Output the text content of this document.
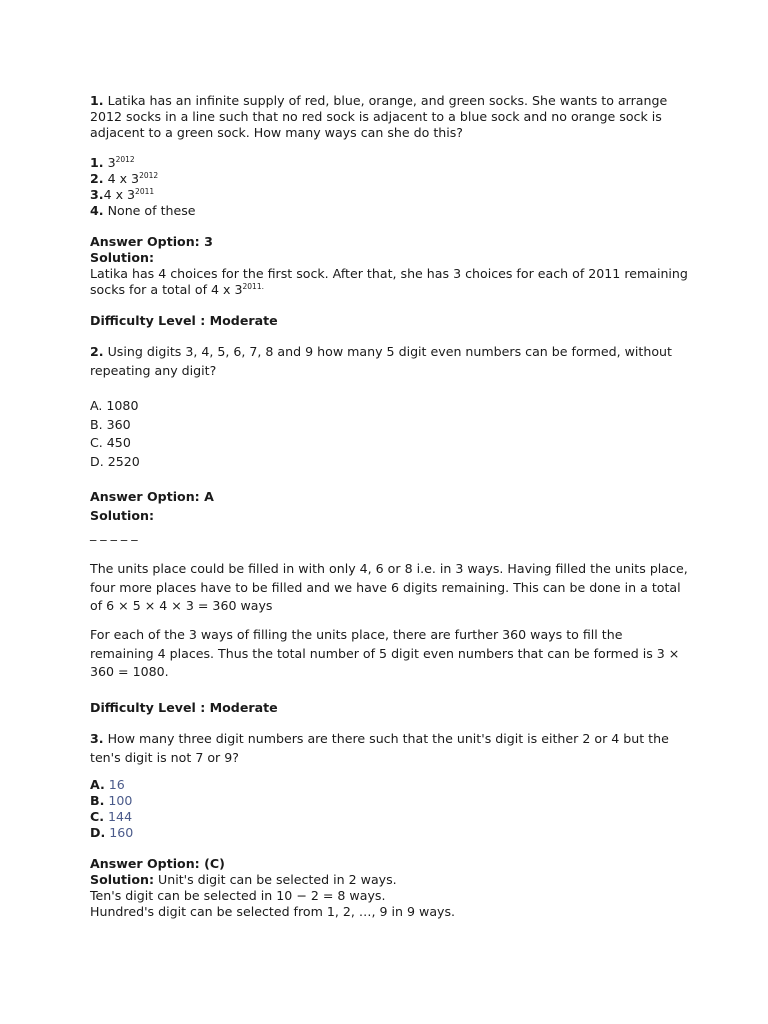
1. Latika has an infinite supply of red, blue, orange, and green socks. She wants to arrange 2012 socks in a line such that no red sock is adjacent to a blue sock and no orange sock is adjacent to a green sock. How many ways can she do this?
1. $3^{2012}$
2. 4 x $3^{2012}$
3.4 x $3^{2011}$
4. None of these
Answer Option: 3
Solution:
Latika has 4 choices for the first sock. After that, she has 3 choices for each of 2011 remaining socks for a total of 4 x $3^{2011.}$
Difficulty Level : Moderate
2. Using digits 3, 4, 5, 6, 7, 8 and 9 how many 5 digit even numbers can be formed, without repeating any digit?
A. 1080
B. 360
C. 450
D. 2520
Answer Option: A
Solution:
_ _ _ _ _
The units place could be filled in with only 4, 6 or 8 i.e. in 3 ways. Having filled the units place, four more places have to be filled and we have 6 digits remaining. This can be done in a total of 6 × 5 × 4 × 3 = 360 ways
For each of the 3 ways of filling the units place, there are further 360 ways to fill the remaining 4 places. Thus the total number of 5 digit even numbers that can be formed is 3 × 360 = 1080.
Difficulty Level : Moderate
3. How many three digit numbers are there such that the unit's digit is either 2 or 4 but the ten's digit is not 7 or 9?
A. 16
B. 100
C. 144
D. 160
Answer Option: (C)
Solution: Unit's digit can be selected in 2 ways.
Ten's digit can be selected in 10 − 2 = 8 ways.
Hundred's digit can be selected from 1, 2, …, 9 in 9 ways.
